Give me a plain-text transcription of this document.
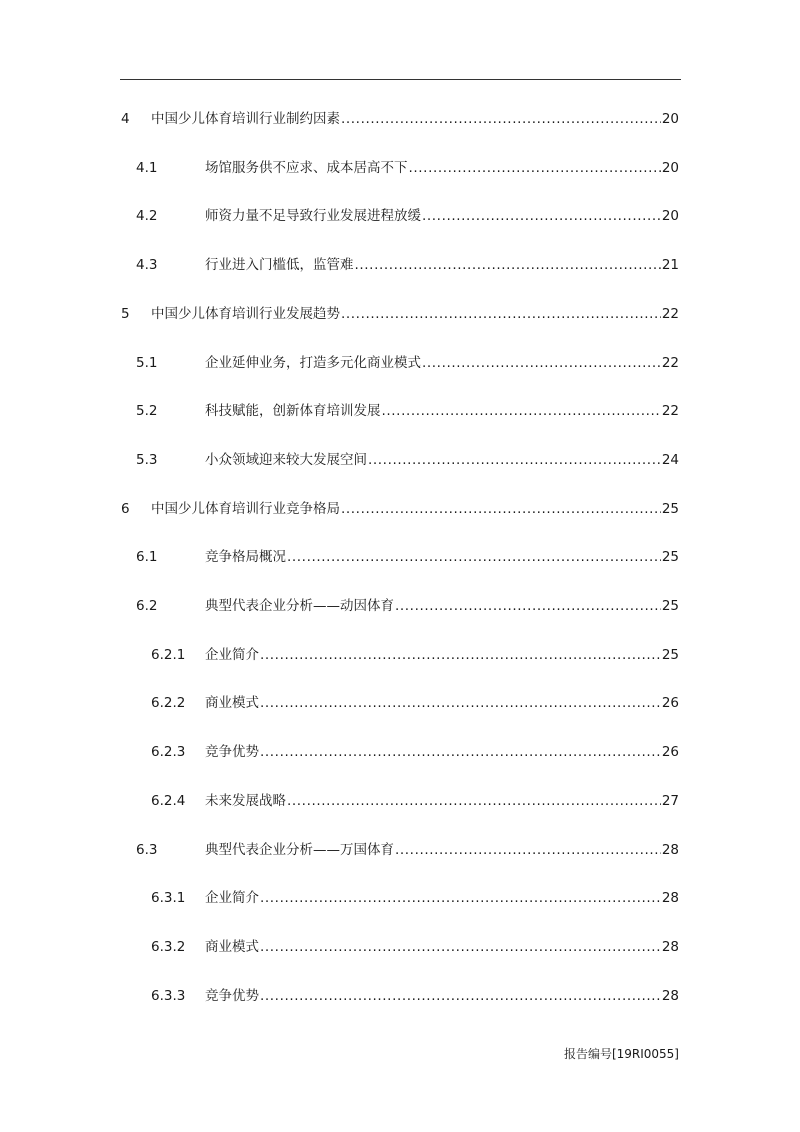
4 中国少儿体育培训行业制约因素 .....	20
4.1	场馆服务供不应求、成本居高不下 .....	20
4.2	师资力量不足导致行业发展进程放缓 .....	20
4.3	行业进入门槛低，监管难 .....	21
5 中国少儿体育培训行业发展趋势 .....	22
5.1	企业延伸业务，打造多元化商业模式 .....	22
5.2	科技赋能，创新体育培训发展 .....	22
5.3	小众领域迎来较大发展空间 .....	24
6 中国少儿体育培训行业竞争格局 .....	25
6.1	竞争格局概况 .....	25
6.2	典型代表企业分析——动因体育 .....	25
6.2.1 企业简介 .....	25
6.2.2 商业模式 .....	26
6.2.3 竞争优势 .....	26
6.2.4 未来发展战略 .....	27
6.3	典型代表企业分析——万国体育 .....	28
6.3.1 企业简介 .....	28
6.3.2 商业模式 .....	28
6.3.3 竞争优势 .....	28
报告编号[19RI0055]
